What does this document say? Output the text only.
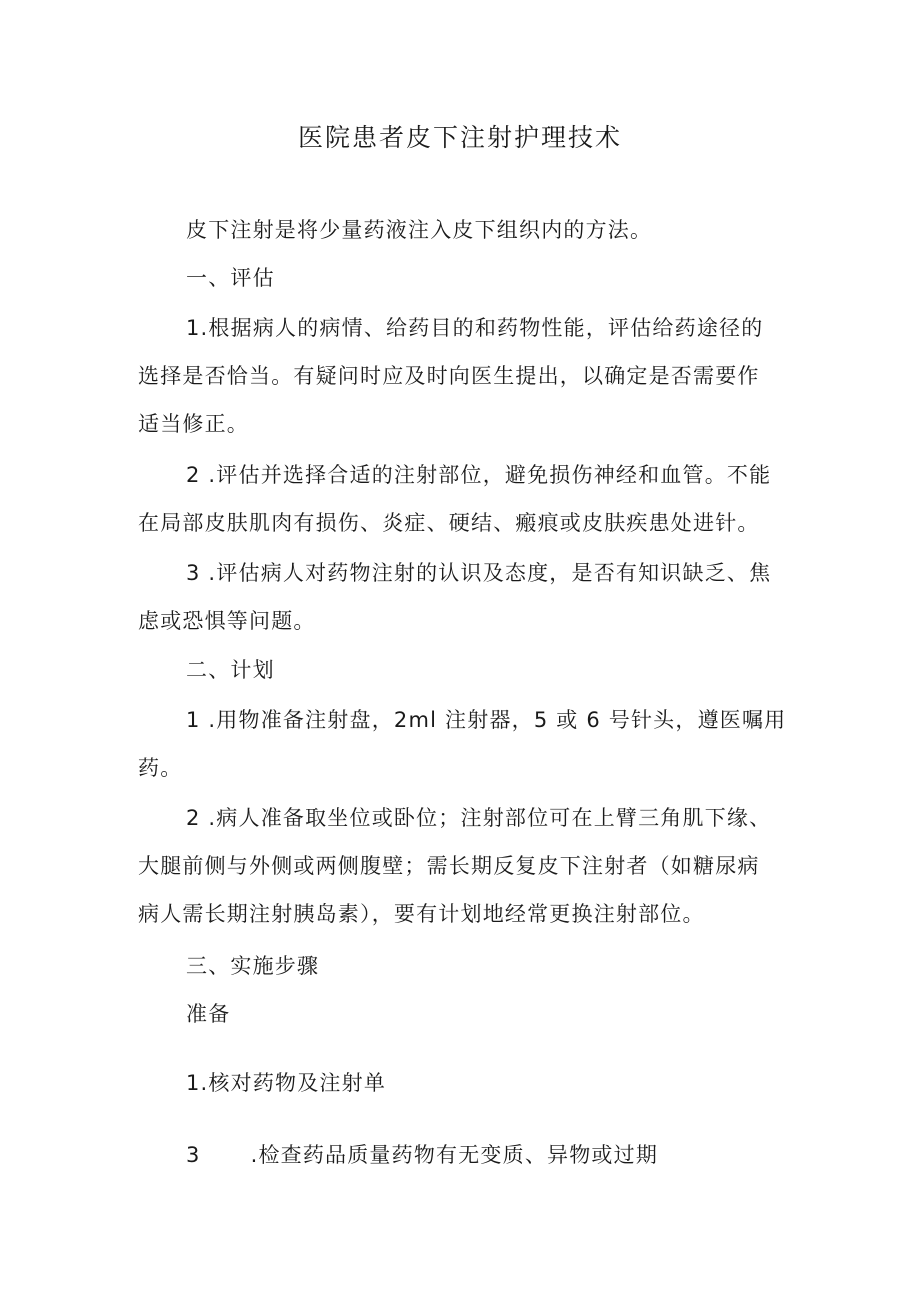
医院患者皮下注射护理技术
皮下注射是将少量药液注入皮下组织内的方法。
一、评估
1.根据病人的病情、给药目的和药物性能，评估给药途径的
选择是否恰当。有疑问时应及时向医生提出，以确定是否需要作
适当修正。
2 .评估并选择合适的注射部位，避免损伤神经和血管。不能
在局部皮肤肌肉有损伤、炎症、硬结、瘢痕或皮肤疾患处进针。
3 .评估病人对药物注射的认识及态度，是否有知识缺乏、焦
虑或恐惧等问题。
二、计划
1 .用物准备注射盘，2ml 注射器，5 或 6 号针头，遵医嘱用
药。
2 .病人准备取坐位或卧位；注射部位可在上臂三角肌下缘、
大腿前侧与外侧或两侧腹壁；需长期反复皮下注射者（如糖尿病
病人需长期注射胰岛素），要有计划地经常更换注射部位。
三、实施步骤
准备
1.核对药物及注射单
3 .检查药品质量药物有无变质、异物或过期
